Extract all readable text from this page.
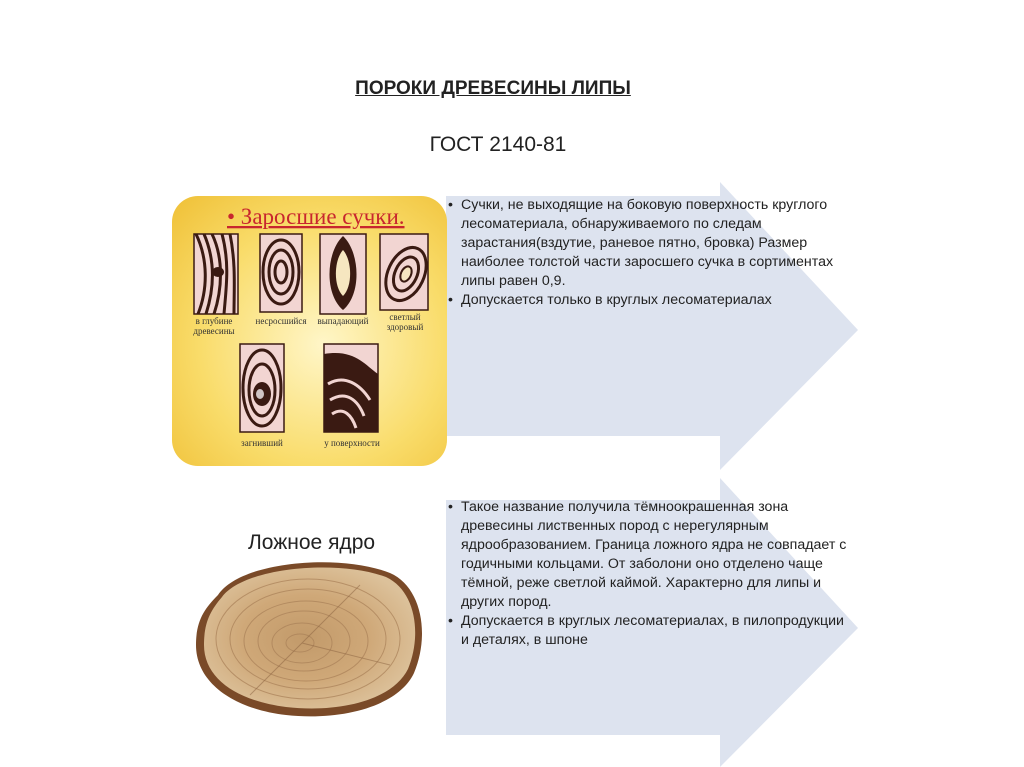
ПОРОКИ ДРЕВЕСИНЫ ЛИПЫ
ГОСТ 2140-81
• Заросшие сучки.
в глубине
древесины
несросшийся выпадающий светлый
здоровый
загнивший	у поверхности
• Сучки, не выходящие на боковую поверхность круглого лесоматериала, обнаруживаемого по следам зарастания(вздутие, раневое пятно, бровка) Размер наиболее толстой части заросшего сучка в сортиментах липы равен 0,9.
• Допускается только в круглых лесоматериалах
Ложное ядро
• Такое название получила тёмноокрашенная зона древесины лиственных пород с нерегулярным ядрообразованием. Граница ложного ядра не совпадает с годичными кольцами. От заболони оно отделено чаще тёмной, реже светлой каймой. Характерно для липы и других пород.
• Допускается в круглых лесоматериалах, в пилопродукции и деталях, в шпоне
